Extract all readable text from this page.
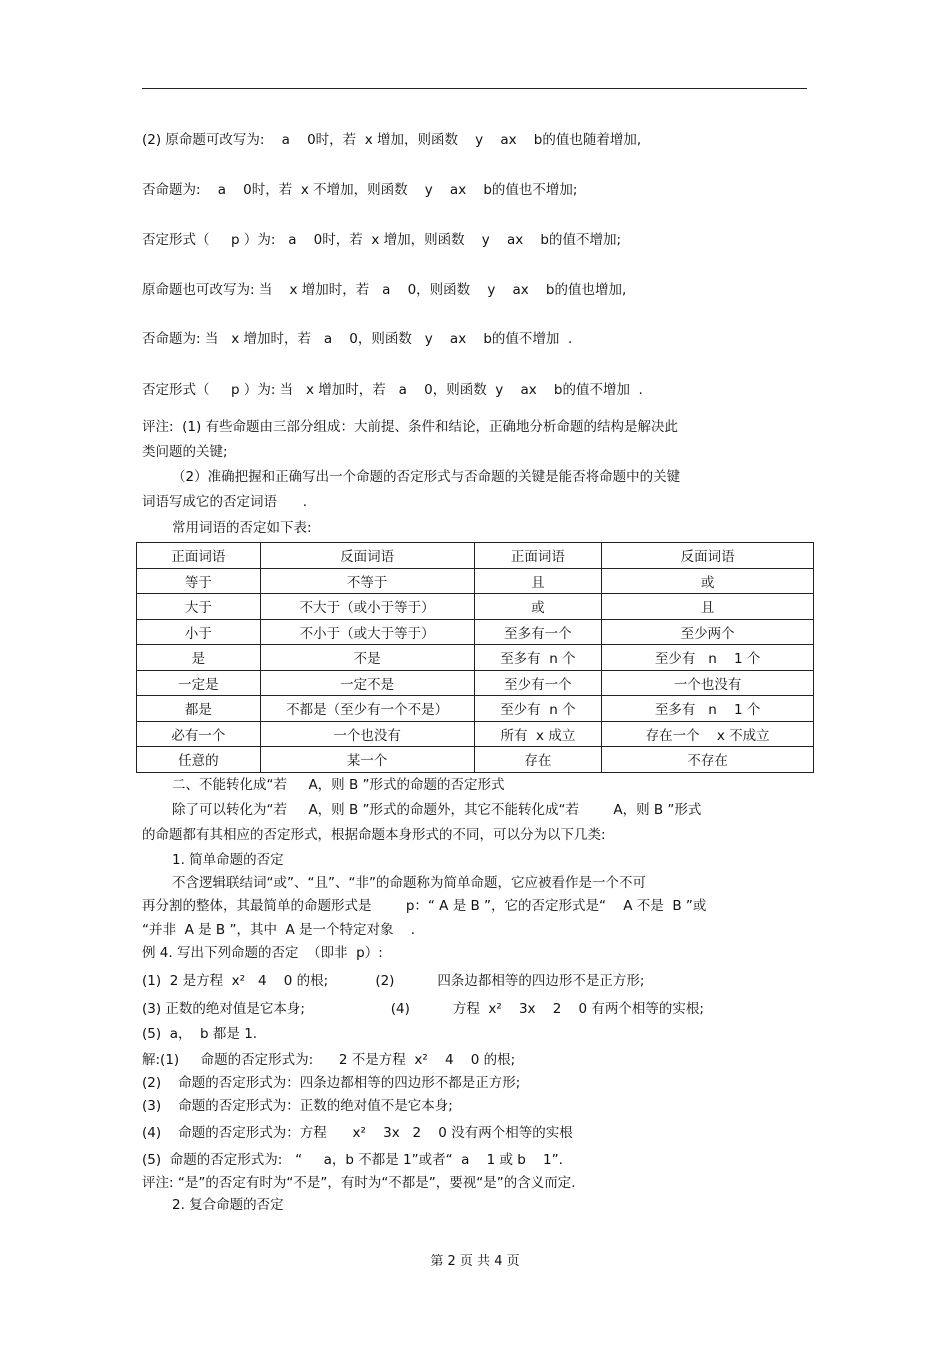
(2) 原命题可改写为:    a    0时，若  x 增加，则函数    y    ax    b的值也随着增加,
否命题为:    a    0时，若  x 不增加，则函数    y    ax    b的值也不增加;
否定形式（     p ）为:   a    0时，若  x 增加，则函数    y    ax    b的值不增加;
原命题也可改写为: 当    x 增加时，若   a    0，则函数    y    ax    b的值也增加,
否命题为: 当   x 增加时，若   a    0，则函数   y    ax    b的值不增加  .
否定形式（     p ）为: 当   x 增加时，若   a    0，则函数  y    ax    b的值不增加  .
评注:  (1) 有些命题由三部分组成：大前提、条件和结论，正确地分析命题的结构是解决此
类问题的关键;
（2）准确把握和正确写出一个命题的否定形式与否命题的关键是能否将命题中的关键
词语写成它的否定词语      .
常用词语的否定如下表:
正面词语	反面词语	正面词语	反面词语
等于	不等于	且	或
大于	不大于（或小于等于）	或	且
小于	不小于（或大于等于）	至多有一个	至少两个
是	不是	至多有  n 个	至少有   n    1 个
一定是	一定不是	至少有一个	一个也没有
都是	不都是（至少有一个不是）	至少有  n 个	至多有   n    1 个
必有一个	一个也没有	所有  x 成立	存在一个    x 不成立
任意的	某一个	存在	不存在
二、不能转化成“若     A，则 B ”形式的命题的否定形式
除了可以转化为“若     A，则 B ”形式的命题外，其它不能转化成“若        A，则 B ”形式
的命题都有其相应的否定形式，根据命题本身形式的不同，可以分为以下几类:
1. 简单命题的否定
不含逻辑联结词“或”、“且”、“非”的命题称为简单命题，它应被看作是一个不可
再分割的整体，其最简单的命题形式是        p：“ A 是 B ”，它的否定形式是“    A 不是  B ”或
“并非  A 是 B ”，其中  A 是一个特定对象    .
例 4. 写出下列命题的否定  （即非  p）:
(1)  2 是方程  x²   4    0 的根;           (2)          四条边都相等的四边形不是正方形;
(3) 正数的绝对值是它本身;                    (4)          方程  x²    3x    2    0 有两个相等的实根;
(5)  a，  b 都是 1.
解:(1)     命题的否定形式为:      2 不是方程  x²    4    0 的根;
(2)    命题的否定形式为：四条边都相等的四边形不都是正方形;
(3)    命题的否定形式为：正数的绝对值不是它本身;
(4)    命题的否定形式为：方程      x²    3x   2    0 没有两个相等的实根
(5)  命题的否定形式为:   “     a，b 不都是 1”或者“  a    1 或 b    1”.
评注: “是”的否定有时为“不是”，有时为“不都是”，要视“是”的含义而定.
2. 复合命题的否定
第 2 页 共 4 页
